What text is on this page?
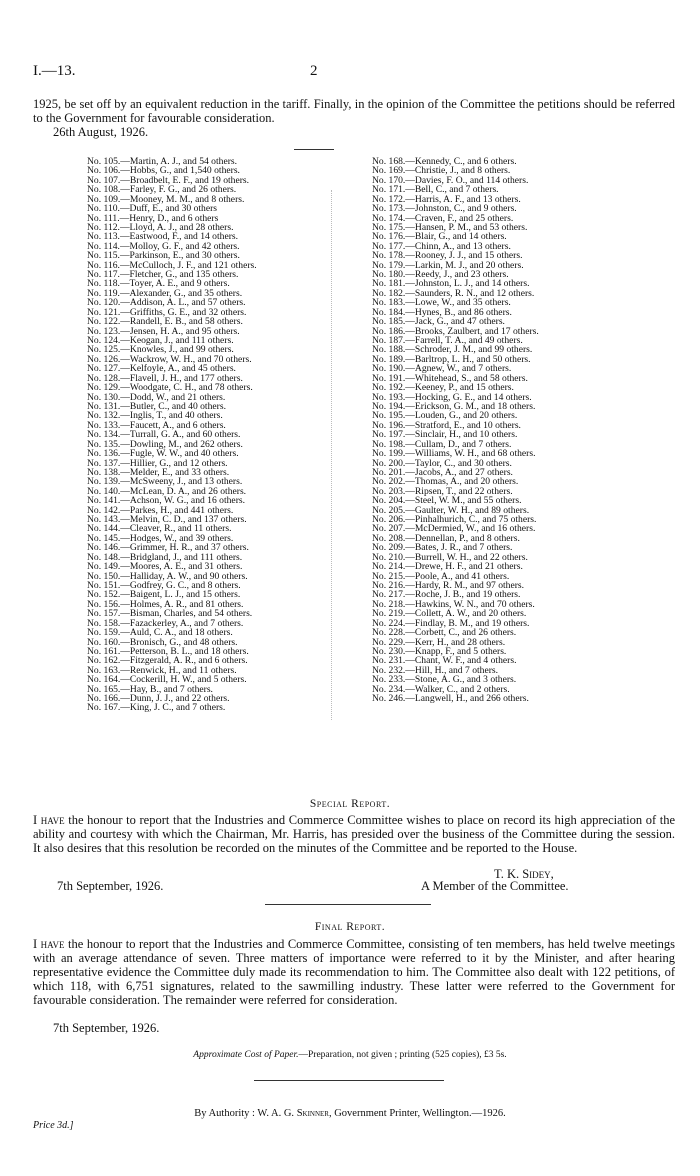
I.—13.	2
1925, be set off by an equivalent reduction in the tariff. Finally, in the opinion of the Committee the petitions should be referred to the Government for favourable consideration.
26th August, 1926.
No. 105.—Martin, A. J., and 54 others.
No. 106.—Hobbs, G., and 1,540 others.
No. 107.—Broadbelt, E. F., and 19 others.
No. 108.—Farley, F. G., and 26 others.
No. 109.—Mooney, M. M., and 8 others.
No. 110.—Duff, E., and 30 others
No. 111.—Henry, D., and 6 others
No. 112.—Lloyd, A. J., and 28 others.
No. 113.—Eastwood, F., and 14 others.
No. 114.—Molloy, G. F., and 42 others.
No. 115.—Parkinson, E., and 30 others.
No. 116.—McCulloch, J. F., and 121 others.
No. 117.—Fletcher, G., and 135 others.
No. 118.—Toyer, A. E., and 9 others.
No. 119.—Alexander, G., and 35 others.
No. 120.—Addison, A. L., and 57 others.
No. 121.—Griffiths, G. E., and 32 others.
No. 122.—Randell, E. B., and 58 others.
No. 123.—Jensen, H. A., and 95 others.
No. 124.—Keogan, J., and 111 others.
No. 125.—Knowles, J., and 99 others.
No. 126.—Wackrow, W. H., and 70 others.
No. 127.—Kelfoyle, A., and 45 others.
No. 128.—Flavell, J. H., and 177 others.
No. 129.—Woodgate, C. H., and 78 others.
No. 130.—Dodd, W., and 21 others.
No. 131.—Butler, C., and 40 others.
No. 132.—Inglis, T., and 40 others.
No. 133.—Faucett, A., and 6 others.
No. 134.—Turrall, G. A., and 60 others.
No. 135.—Dowling, M., and 262 others.
No. 136.—Fugle, W. W., and 40 others.
No. 137.—Hillier, G., and 12 others.
No. 138.—Melder, E., and 33 others.
No. 139.—McSweeny, J., and 13 others.
No. 140.—McLean, D. A., and 26 others.
No. 141.—Achson, W. G., and 16 others.
No. 142.—Parkes, H., and 441 others.
No. 143.—Melvin, C. D., and 137 others.
No. 144.—Cleaver, R., and 11 others.
No. 145.—Hodges, W., and 39 others.
No. 146.—Grimmer, H. R., and 37 others.
No. 148.—Bridgland, J., and 111 others.
No. 149.—Moores, A. E., and 31 others.
No. 150.—Halliday, A. W., and 90 others.
No. 151.—Godfrey, G. C., and 8 others.
No. 152.—Baigent, L. J., and 15 others.
No. 156.—Holmes, A. R., and 81 others.
No. 157.—Bisman, Charles, and 54 others.
No. 158.—Fazackerley, A., and 7 others.
No. 159.—Auld, C. A., and 18 others.
No. 160.—Bronisch, G., and 48 others.
No. 161.—Petterson, B. L., and 18 others.
No. 162.—Fitzgerald, A. R., and 6 others.
No. 163.—Renwick, H., and 11 others.
No. 164.—Cockerill, H. W., and 5 others.
No. 165.—Hay, B., and 7 others.
No. 166.—Dunn, J. J., and 22 others.
No. 167.—King, J. C., and 7 others.
No. 168.—Kennedy, C., and 6 others.
No. 169.—Christie, J., and 8 others.
No. 170.—Davies, F. O., and 114 others.
No. 171.—Bell, C., and 7 others.
No. 172.—Harris, A. F., and 13 others.
No. 173.—Johnston, C., and 9 others.
No. 174.—Craven, F., and 25 others.
No. 175.—Hansen, P. M., and 53 others.
No. 176.—Blair, G., and 14 others.
No. 177.—Chinn, A., and 13 others.
No. 178.—Rooney, J. J., and 15 others.
No. 179.—Larkin, M. J., and 20 others.
No. 180.—Reedy, J., and 23 others.
No. 181.—Johnston, L. J., and 14 others.
No. 182.—Saunders, R. N., and 12 others.
No. 183.—Lowe, W., and 35 others.
No. 184.—Hynes, B., and 86 others.
No. 185.—Jack, G., and 47 others.
No. 186.—Brooks, Zaulbert, and 17 others.
No. 187.—Farrell, T. A., and 49 others.
No. 188.—Schroder, J. M., and 99 others.
No. 189.—Barltrop, L. H., and 50 others.
No. 190.—Agnew, W., and 7 others.
No. 191.—Whitehead, S., and 58 others.
No. 192.—Keeney, P., and 15 others.
No. 193.—Hocking, G. E., and 14 others.
No. 194.—Erickson, G. M., and 18 others.
No. 195.—Louden, G., and 20 others.
No. 196.—Stratford, E., and 10 others.
No. 197.—Sinclair, H., and 10 others.
No. 198.—Cullam, D., and 7 others.
No. 199.—Williams, W. H., and 68 others.
No. 200.—Taylor, C., and 30 others.
No. 201.—Jacobs, A., and 27 others.
No. 202.—Thomas, A., and 20 others.
No. 203.—Ripsen, T., and 22 others.
No. 204.—Steel, W. M., and 55 others.
No. 205.—Gaulter, W. H., and 89 others.
No. 206.—Pinhalhurich, C., and 75 others.
No. 207.—McDermied, W., and 16 others.
No. 208.—Dennellan, P., and 8 others.
No. 209.—Bates, J. R., and 7 others.
No. 210.—Burrell, W. H., and 22 others.
No. 214.—Drewe, H. F., and 21 others.
No. 215.—Poole, A., and 41 others.
No. 216.—Hardy, R. M., and 97 others.
No. 217.—Roche, J. B., and 19 others.
No. 218.—Hawkins, W. N., and 70 others.
No. 219.—Collett, A. W., and 20 others.
No. 224.—Findlay, B. M., and 19 others.
No. 228.—Corbett, C., and 26 others.
No. 229.—Kerr, H., and 28 others.
No. 230.—Knapp, F., and 5 others.
No. 231.—Chant, W. F., and 4 others.
No. 232.—Hill, H., and 7 others.
No. 233.—Stone, A. G., and 3 others.
No. 234.—Walker, C., and 2 others.
No. 246.—Langwell, H., and 266 others.
Special Report.
I have the honour to report that the Industries and Commerce Committee wishes to place on record its high appreciation of the ability and courtesy with which the Chairman, Mr. Harris, has presided over the business of the Committee during the session. It also desires that this resolution be recorded on the minutes of the Committee and be reported to the House.
T. K. Sidey,
7th September, 1926.	A Member of the Committee.
Final Report.
I have the honour to report that the Industries and Commerce Committee, consisting of ten members, has held twelve meetings with an average attendance of seven. Three matters of importance were referred to it by the Minister, and after hearing representative evidence the Committee duly made its recommendation to him. The Committee also dealt with 122 petitions, of which 118, with 6,751 signatures, related to the sawmilling industry. These latter were referred to the Government for favourable consideration. The remainder were referred for consideration.
7th September, 1926.
Approximate Cost of Paper.—Preparation, not given ; printing (525 copies), £3 5s.
By Authority : W. A. G. Skinner, Government Printer, Wellington.—1926.
Price 3d.]
